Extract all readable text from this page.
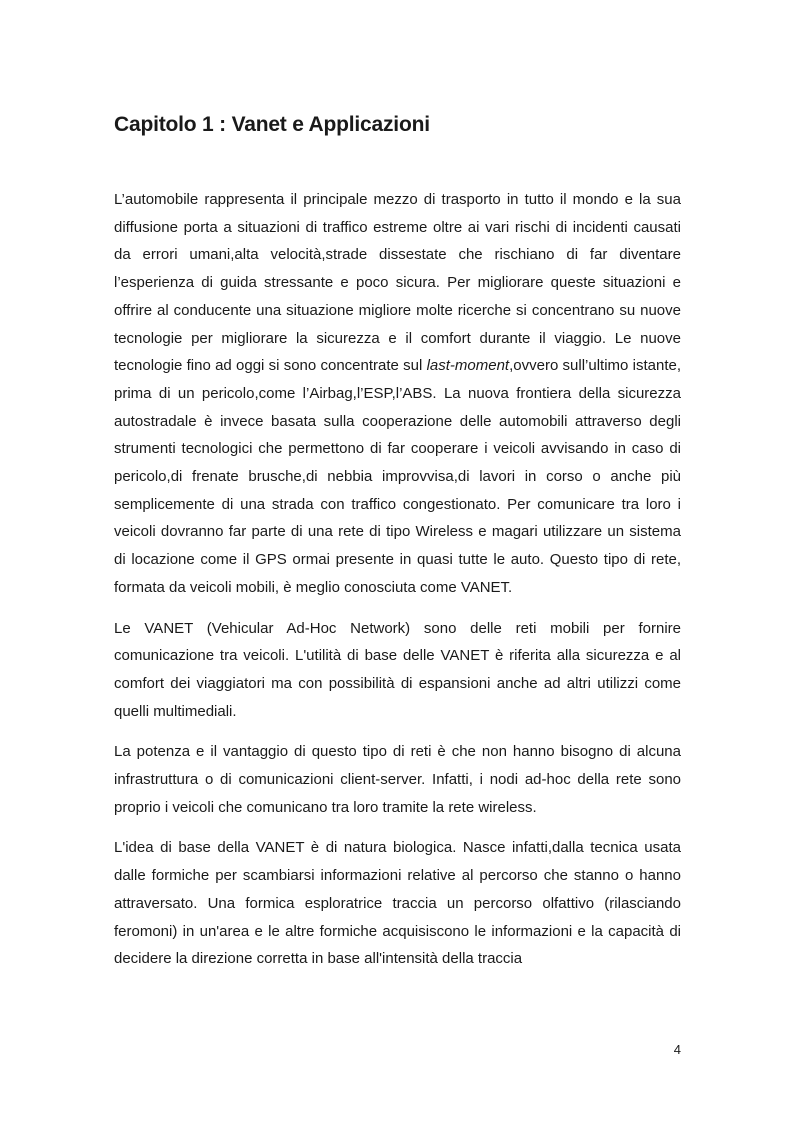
Capitolo 1 : Vanet e Applicazioni

L’automobile rappresenta il principale mezzo di trasporto in tutto il mondo e la sua diffusione porta a situazioni di traffico estreme oltre ai vari rischi di incidenti causati da errori umani,alta velocità,strade dissestate che rischiano di far diventare l’esperienza di guida stressante e poco sicura. Per migliorare queste situazioni e offrire al conducente una situazione migliore molte ricerche si concentrano su nuove tecnologie per migliorare la sicurezza e il comfort durante il viaggio. Le nuove tecnologie fino ad oggi si sono concentrate sul last-moment,ovvero sull’ultimo istante, prima di un pericolo,come l’Airbag,l’ESP,l’ABS. La nuova frontiera della sicurezza autostradale è invece basata sulla cooperazione delle automobili attraverso degli strumenti tecnologici che permettono di far cooperare i veicoli avvisando in caso di pericolo,di frenate brusche,di nebbia improvvisa,di lavori in corso o anche più semplicemente di una strada con traffico congestionato. Per comunicare tra loro i veicoli dovranno far parte di una rete di tipo Wireless e magari utilizzare un sistema di locazione come il GPS ormai presente in quasi tutte le auto. Questo tipo di rete, formata da veicoli mobili, è meglio conosciuta come VANET.

Le VANET (Vehicular Ad-Hoc Network) sono delle reti mobili per fornire comunicazione tra veicoli. L'utilità di base delle VANET è riferita alla sicurezza e al comfort dei viaggiatori ma con possibilità di espansioni anche ad altri utilizzi come quelli multimediali.

La potenza e il vantaggio di questo tipo di reti è che non hanno bisogno di alcuna infrastruttura o di comunicazioni client-server. Infatti, i nodi ad-hoc della rete sono proprio i veicoli che comunicano tra loro tramite la rete wireless.

L'idea di base della VANET è di natura biologica. Nasce infatti,dalla tecnica usata dalle formiche per scambiarsi informazioni relative al percorso che stanno o hanno attraversato. Una formica esploratrice traccia un percorso olfattivo (rilasciando feromoni) in un'area e le altre formiche acquisiscono le informazioni e la capacità di decidere la direzione corretta in base all'intensità della traccia

4
